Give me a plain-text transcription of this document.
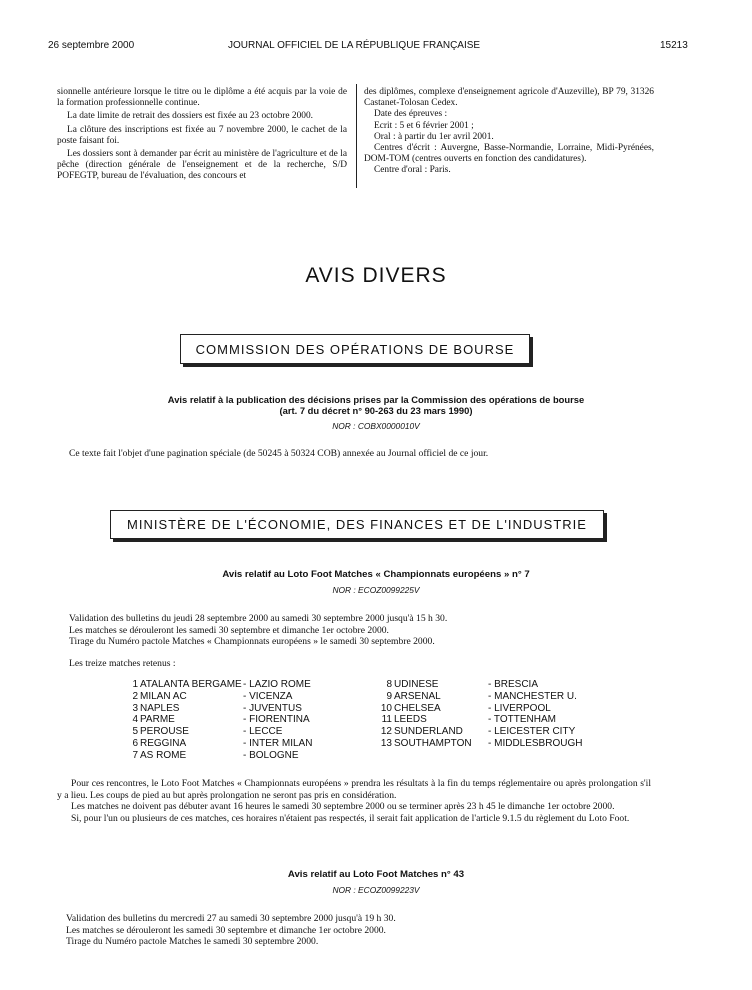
26 septembre 2000	JOURNAL OFFICIEL DE LA RÉPUBLIQUE FRANÇAISE	15213

sionnelle antérieure lorsque le titre ou le diplôme a été acquis par la voie de la formation professionnelle continue.

La date limite de retrait des dossiers est fixée au 23 octobre 2000.

La clôture des inscriptions est fixée au 7 novembre 2000, le cachet de la poste faisant foi.

Les dossiers sont à demander par écrit au ministère de l'agriculture et de la pêche (direction générale de l'enseignement et de la recherche, S/D POFEGTP, bureau de l'évaluation, des concours et

des diplômes, complexe d'enseignement agricole d'Auzeville), BP 79, 31326 Castanet-Tolosan Cedex.

Date des épreuves :

Ecrit : 5 et 6 février 2001 ;

Oral : à partir du 1er avril 2001.

Centres d'écrit : Auvergne, Basse-Normandie, Lorraine, Midi-Pyrénées, DOM-TOM (centres ouverts en fonction des candidatures).

Centre d'oral : Paris.

AVIS DIVERS
COMMISSION DES OPÉRATIONS DE BOURSE
Avis relatif à la publication des décisions prises par la Commission des opérations de bourse
(art. 7 du décret n° 90-263 du 23 mars 1990)
NOR : COBX0000010V
Ce texte fait l'objet d'une pagination spéciale (de 50245 à 50324 COB) annexée au Journal officiel de ce jour.
MINISTÈRE DE L'ÉCONOMIE, DES FINANCES ET DE L'INDUSTRIE
Avis relatif au Loto Foot Matches « Championnats européens » n° 7
NOR : ECOZ0099225V
Validation des bulletins du jeudi 28 septembre 2000 au samedi 30 septembre 2000 jusqu'à 15 h 30.
Les matches se dérouleront les samedi 30 septembre et dimanche 1er octobre 2000.
Tirage du Numéro pactole Matches « Championnats européens » le samedi 30 septembre 2000.
Les treize matches retenus :
1
2
3
4
5
6
7
ATALANTA BERGAME
MILAN AC
NAPLES
PARME
PEROUSE
REGGINA
AS ROME
- LAZIO ROME
- VICENZA
- JUVENTUS
- FIORENTINA
- LECCE
- INTER MILAN
- BOLOGNE
8
9
10
11
12
13
UDINESE
ARSENAL
CHELSEA
LEEDS
SUNDERLAND
SOUTHAMPTON
- BRESCIA
- MANCHESTER U.
- LIVERPOOL
- TOTTENHAM
- LEICESTER CITY
- MIDDLESBROUGH

Pour ces rencontres, le Loto Foot Matches « Championnats européens » prendra les résultats à la fin du temps réglementaire ou après prolongation s'il y a lieu. Les coups de pied au but après prolongation ne seront pas pris en considération.

Les matches ne doivent pas débuter avant 16 heures le samedi 30 septembre 2000 ou se terminer après 23 h 45 le dimanche 1er octobre 2000.

Si, pour l'un ou plusieurs de ces matches, ces horaires n'étaient pas respectés, il serait fait application de l'article 9.1.5 du règlement du Loto Foot.

Avis relatif au Loto Foot Matches n° 43
NOR : ECOZ0099223V
Validation des bulletins du mercredi 27 au samedi 30 septembre 2000 jusqu'à 19 h 30.
Les matches se dérouleront les samedi 30 septembre et dimanche 1er octobre 2000.
Tirage du Numéro pactole Matches le samedi 30 septembre 2000.
